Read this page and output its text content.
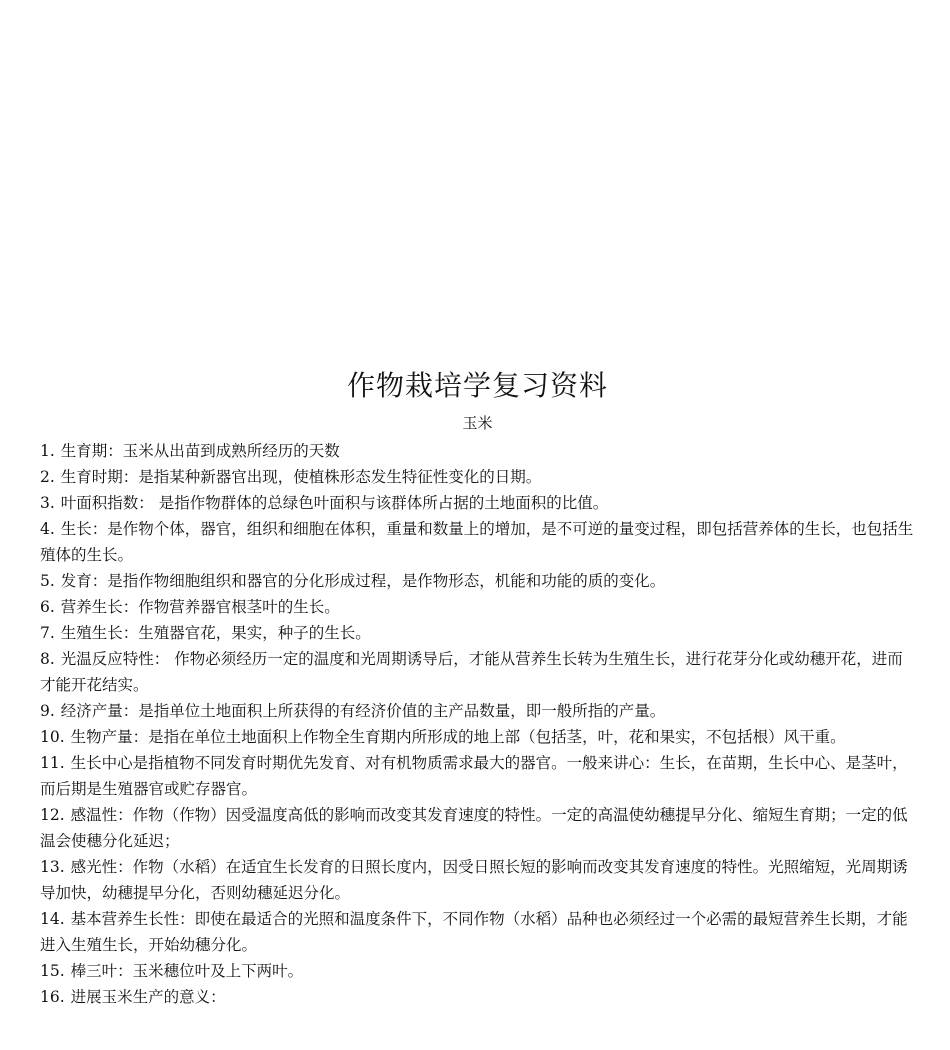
作物栽培学复习资料
玉米
1. 生育期：玉米从出苗到成熟所经历的天数
2. 生育时期：是指某种新器官出现，使植株形态发生特征性变化的日期。
3. 叶面积指数： 是指作物群体的总绿色叶面积与该群体所占据的土地面积的比值。
4. 生长：是作物个体，器官，组织和细胞在体积，重量和数量上的增加，是不可逆的量变过程，即包括营养体的生长，也包括生殖体的生长。
5. 发育：是指作物细胞组织和器官的分化形成过程，是作物形态，机能和功能的质的变化。
6. 营养生长：作物营养器官根茎叶的生长。
7. 生殖生长：生殖器官花，果实，种子的生长。
8. 光温反应特性： 作物必须经历一定的温度和光周期诱导后，才能从营养生长转为生殖生长，进行花芽分化或幼穗开花，进而才能开花结实。
9. 经济产量：是指单位土地面积上所获得的有经济价值的主产品数量，即一般所指的产量。
10. 生物产量：是指在单位土地面积上作物全生育期内所形成的地上部（包括茎，叶，花和果实，不包括根）风干重。
11. 生长中心是指植物不同发育时期优先发育、对有机物质需求最大的器官。一般来讲心：生长，在苗期，生长中心、是茎叶，而后期是生殖器官或贮存器官。
12. 感温性：作物（作物）因受温度高低的影响而改变其发育速度的特性。一定的高温使幼穗提早分化、缩短生育期；一定的低温会使穗分化延迟；
13. 感光性：作物（水稻）在适宜生长发育的日照长度内，因受日照长短的影响而改变其发育速度的特性。光照缩短，光周期诱导加快，幼穗提早分化，否则幼穗延迟分化。
14. 基本营养生长性：即使在最适合的光照和温度条件下，不同作物（水稻）品种也必须经过一个必需的最短营养生长期，才能进入生殖生长，开始幼穗分化。
15. 棒三叶：玉米穗位叶及上下两叶。
16. 进展玉米生产的意义：
